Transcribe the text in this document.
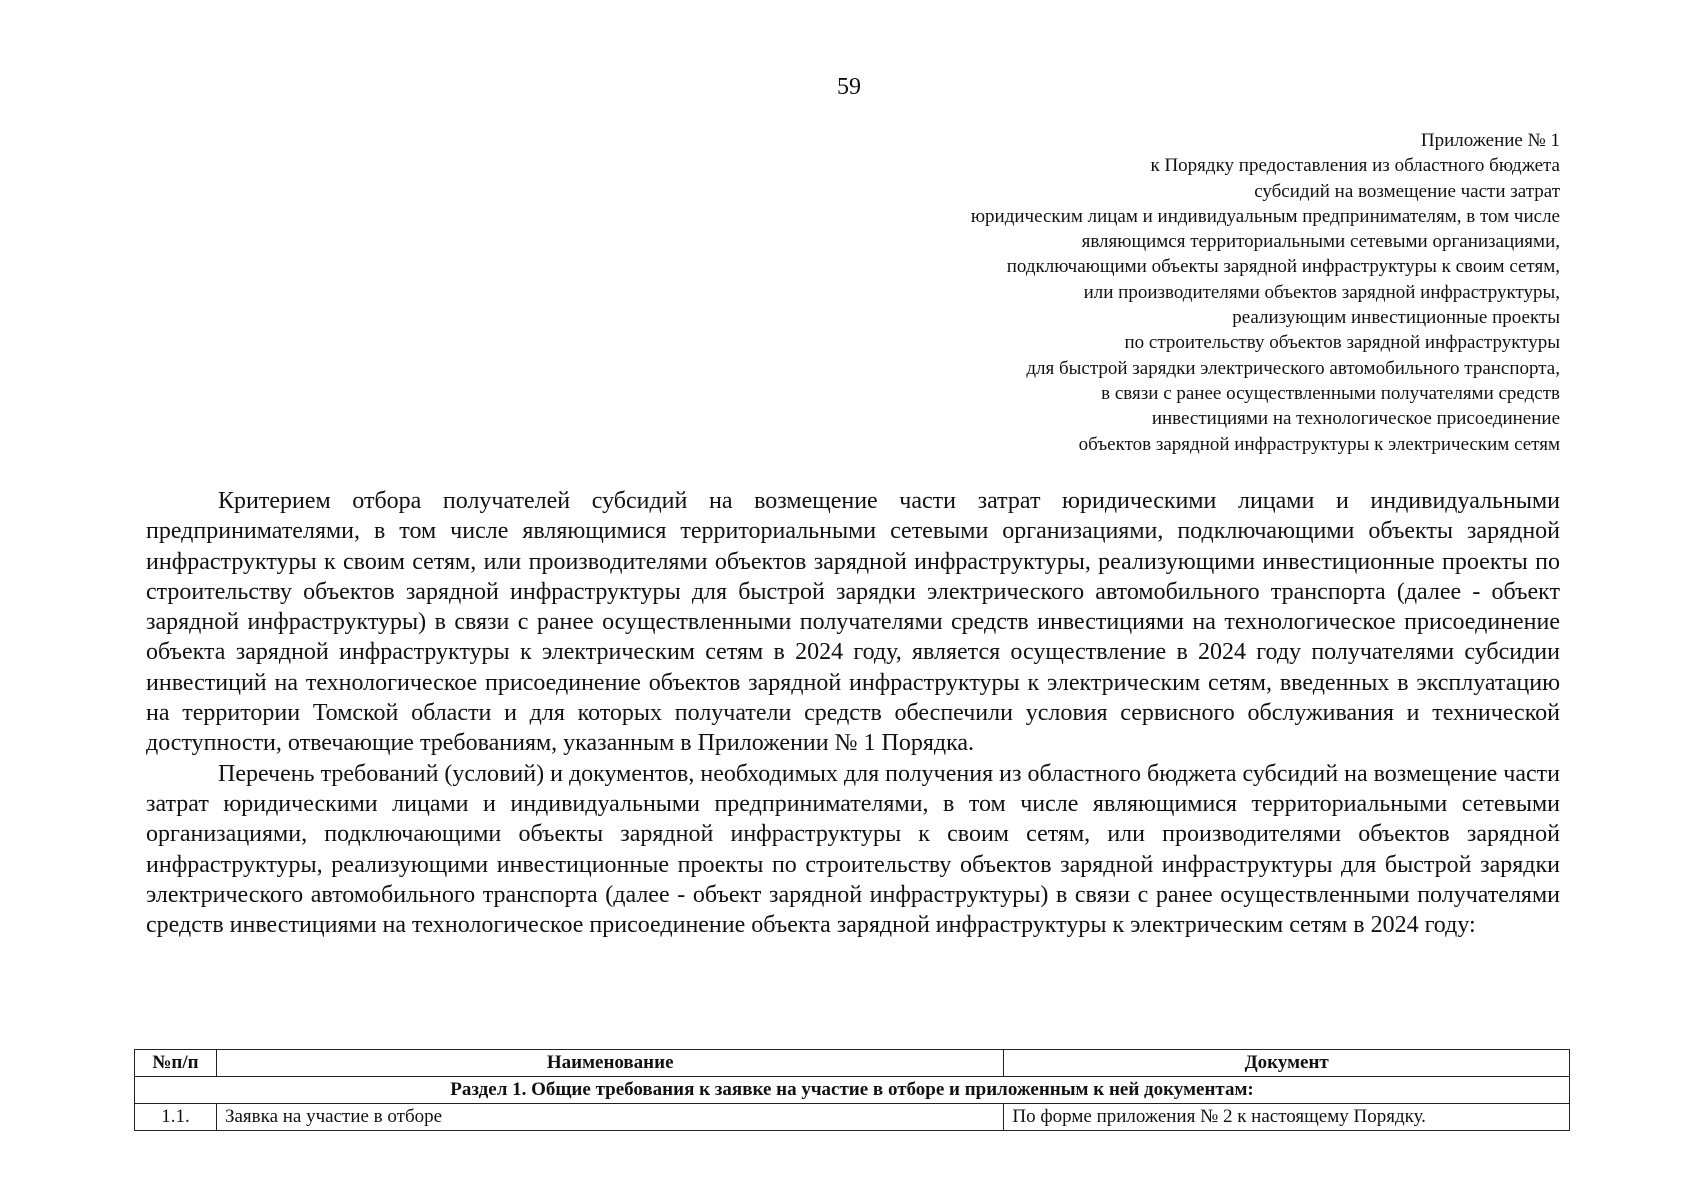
59
Приложение № 1
к Порядку предоставления из областного бюджета
субсидий на возмещение части затрат
юридическим лицам и индивидуальным предпринимателям, в том числе
являющимся территориальными сетевыми организациями,
подключающими объекты зарядной инфраструктуры к своим сетям,
или производителями объектов зарядной инфраструктуры,
реализующим инвестиционные проекты
по строительству объектов зарядной инфраструктуры
для быстрой зарядки электрического автомобильного транспорта,
в связи с ранее осуществленными получателями средств
инвестициями на технологическое присоединение
объектов зарядной инфраструктуры к электрическим сетям

Критерием отбора получателей субсидий на возмещение части затрат юридическими лицами и индивидуальными предпринимателями, в том числе являющимися территориальными сетевыми организациями, подключающими объекты зарядной инфраструктуры к своим сетям, или производителями объектов зарядной инфраструктуры, реализующими инвестиционные проекты по строительству объектов зарядной инфраструктуры для быстрой зарядки электрического автомобильного транспорта (далее - объект зарядной инфраструктуры) в связи с ранее осуществленными получателями средств инвестициями на технологическое присоединение объекта зарядной инфраструктуры к электрическим сетям в 2024 году, является осуществление в 2024 году получателями субсидии инвестиций на технологическое присоединение объектов зарядной инфраструктуры к электрическим сетям, введенных в эксплуатацию на территории Томской области и для которых получатели средств обеспечили условия сервисного обслуживания и технической доступности, отвечающие требованиям, указанным в Приложении № 1 Порядка.

Перечень требований (условий) и документов, необходимых для получения из областного бюджета субсидий на возмещение части затрат юридическими лицами и индивидуальными предпринимателями, в том числе являющимися территориальными сетевыми организациями, подключающими объекты зарядной инфраструктуры к своим сетям, или производителями объектов зарядной инфраструктуры, реализующими инвестиционные проекты по строительству объектов зарядной инфраструктуры для быстрой зарядки электрического автомобильного транспорта (далее - объект зарядной инфраструктуры) в связи с ранее осуществленными получателями средств инвестициями на технологическое присоединение объекта зарядной инфраструктуры к электрическим сетям в 2024 году:

№п/п	Наименование	Документ
Раздел 1. Общие требования к заявке на участие в отборе и приложенным к ней документам:		
1.1.	Заявка на участие в отборе	По форме приложения № 2 к настоящему Порядку.
